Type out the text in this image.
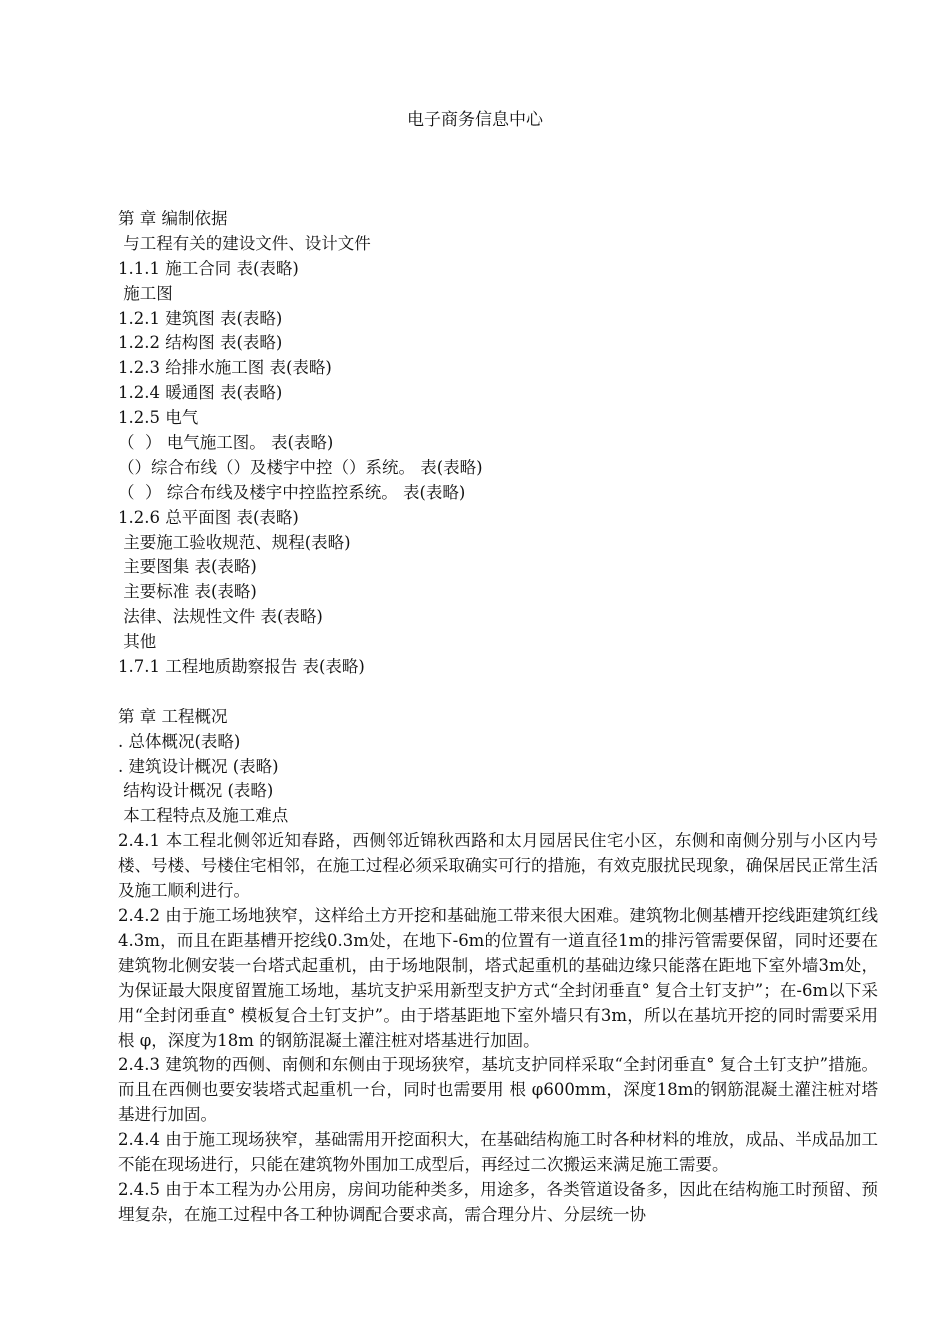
电子商务信息中心
第 章 编制依据
与工程有关的建设文件、设计文件
1.1.1 施工合同 表(表略)
施工图
1.2.1 建筑图 表(表略)
1.2.2 结构图 表(表略)
1.2.3 给排水施工图 表(表略)
1.2.4 暖通图 表(表略)
1.2.5 电气
（  ） 电气施工图。 表(表略)
（）综合布线（）及楼宇中控（）系统。 表(表略)
（  ） 综合布线及楼宇中控监控系统。 表(表略)
1.2.6 总平面图 表(表略)
主要施工验收规范、规程(表略)
主要图集 表(表略)
主要标准 表(表略)
法律、法规性文件 表(表略)
其他
1.7.1 工程地质勘察报告 表(表略)
第 章 工程概况
. 总体概况(表略)
. 建筑设计概况 (表略)
结构设计概况 (表略)
本工程特点及施工难点
2.4.1 本工程北侧邻近知春路，西侧邻近锦秋西路和太月园居民住宅小区，东侧和南侧分别与小区内号楼、号楼、号楼住宅相邻，在施工过程必须采取确实可行的措施，有效克服扰民现象，确保居民正常生活及施工顺利进行。
2.4.2 由于施工场地狭窄，这样给土方开挖和基础施工带来很大困难。建筑物北侧基槽开挖线距建筑红线4.3m，而且在距基槽开挖线0.3m处，在地下-6m的位置有一道直径1m的排污管需要保留，同时还要在建筑物北侧安装一台塔式起重机，由于场地限制，塔式起重机的基础边缘只能落在距地下室外墙3m处，为保证最大限度留置施工场地，基坑支护采用新型支护方式“全封闭垂直° 复合土钉支护”；在-6m以下采用“全封闭垂直° 模板复合土钉支护”。由于塔基距地下室外墙只有3m，所以在基坑开挖的同时需要采用 根 φ，深度为18m 的钢筋混凝土灌注桩对塔基进行加固。
2.4.3 建筑物的西侧、南侧和东侧由于现场狭窄，基坑支护同样采取“全封闭垂直° 复合土钉支护”措施。而且在西侧也要安装塔式起重机一台，同时也需要用 根 φ600mm，深度18m的钢筋混凝土灌注桩对塔基进行加固。
2.4.4 由于施工现场狭窄，基础需用开挖面积大，在基础结构施工时各种材料的堆放，成品、半成品加工不能在现场进行，只能在建筑物外围加工成型后，再经过二次搬运来满足施工需要。
2.4.5 由于本工程为办公用房，房间功能种类多，用途多，各类管道设备多，因此在结构施工时预留、预埋复杂，在施工过程中各工种协调配合要求高，需合理分片、分层统一协
